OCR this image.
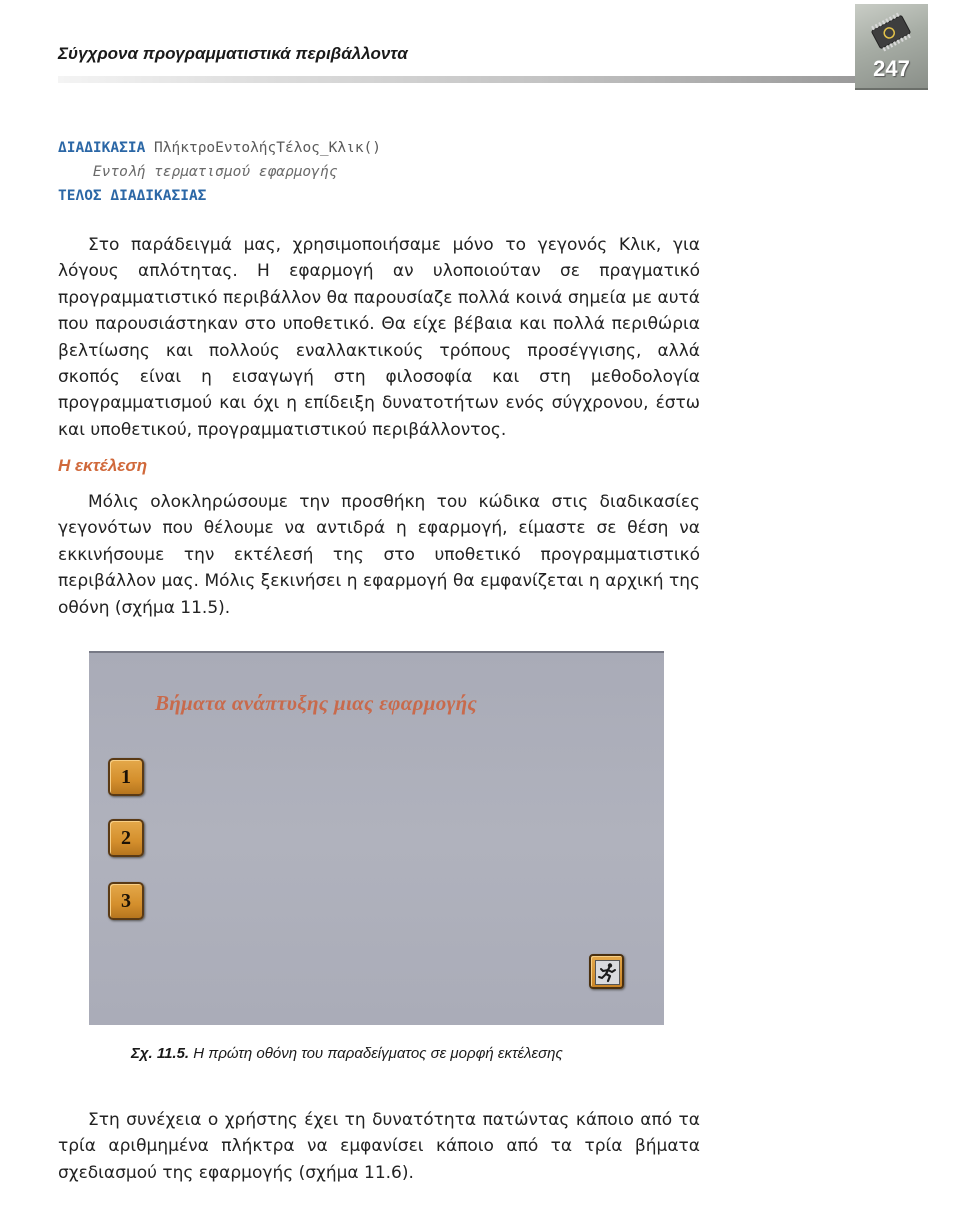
Σύγχρονα προγραμματιστικά περιβάλλοντα
247
ΔΙΑΔΙΚΑΣΙΑ ΠλήκτροΕντολήςΤέλος_Κλικ()
Εντολή τερματισμού εφαρμογής
ΤΕΛΟΣ ΔΙΑΔΙΚΑΣΙΑΣ
Στο παράδειγμά μας, χρησιμοποιήσαμε μόνο το γεγονός Κλικ, για λόγους απλότητας. Η εφαρμογή αν υλοποιούταν σε πραγματικό προγραμματιστικό περιβάλλον θα παρουσίαζε πολλά κοινά σημεία με αυτά που παρουσιάστηκαν στο υποθετικό. Θα είχε βέβαια και πολλά περιθώρια βελτίωσης και πολλούς εναλλακτικούς τρόπους προσέγγισης, αλλά σκοπός είναι η εισαγωγή στη φιλοσοφία και στη μεθοδολογία προγραμματισμού και όχι η επίδειξη δυνατοτήτων ενός σύγχρονου, έστω και υποθετικού, προγραμματιστικού περιβάλλοντος.
Η εκτέλεση
Μόλις ολοκληρώσουμε την προσθήκη του κώδικα στις διαδικασίες γεγονότων που θέλουμε να αντιδρά η εφαρμογή, είμαστε σε θέση να εκκινήσουμε την εκτέλεσή της στο υποθετικό προγραμματιστικό περιβάλλον μας. Μόλις ξεκινήσει η εφαρμογή θα εμφανίζεται η αρχική της οθόνη (σχήμα 11.5).
Βήματα ανάπτυξης μιας εφαρμογής
1
2
3
Σχ. 11.5. Η πρώτη οθόνη του παραδείγματος σε μορφή εκτέλεσης
Στη συνέχεια ο χρήστης έχει τη δυνατότητα πατώντας κάποιο από τα τρία αριθμημένα πλήκτρα να εμφανίσει κάποιο από τα τρία βήματα σχεδιασμού της εφαρμογής (σχήμα 11.6).
